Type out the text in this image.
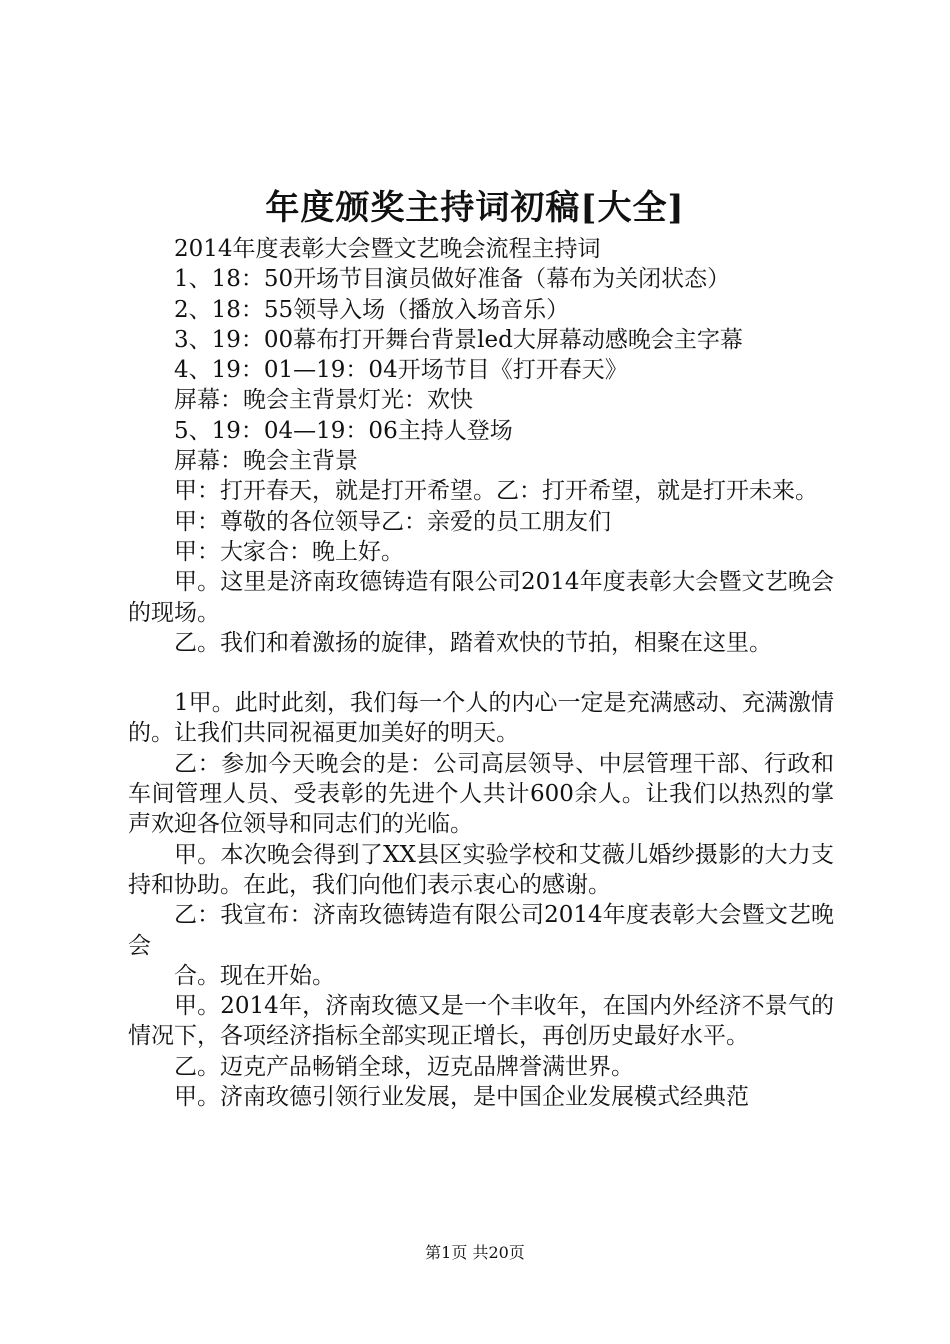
年度颁奖主持词初稿[大全]

2014年度表彰大会暨文艺晚会流程主持词

1、18：50开场节目演员做好准备（幕布为关闭状态）

2、18：55领导入场（播放入场音乐）

3、19：00幕布打开舞台背景led大屏幕动感晚会主字幕

4、19：01—19：04开场节目《打开春天》

屏幕：晚会主背景灯光：欢快

5、19：04—19：06主持人登场

屏幕：晚会主背景

甲：打开春天，就是打开希望。乙：打开希望，就是打开未来。

甲：尊敬的各位领导乙：亲爱的员工朋友们

甲：大家合：晚上好。

甲。这里是济南玫德铸造有限公司2014年度表彰大会暨文艺晚会的现场。

乙。我们和着激扬的旋律，踏着欢快的节拍，相聚在这里。

1甲。此时此刻，我们每一个人的内心一定是充满感动、充满激情的。让我们共同祝福更加美好的明天。

乙：参加今天晚会的是：公司高层领导、中层管理干部、行政和车间管理人员、受表彰的先进个人共计600余人。让我们以热烈的掌声欢迎各位领导和同志们的光临。

甲。本次晚会得到了XX县区实验学校和艾薇儿婚纱摄影的大力支持和协助。在此，我们向他们表示衷心的感谢。

乙：我宣布：济南玫德铸造有限公司2014年度表彰大会暨文艺晚会

合。现在开始。

甲。2014年，济南玫德又是一个丰收年，在国内外经济不景气的情况下，各项经济指标全部实现正增长，再创历史最好水平。

乙。迈克产品畅销全球，迈克品牌誉满世界。

甲。济南玫德引领行业发展，是中国企业发展模式经典范

第1页 共20页
